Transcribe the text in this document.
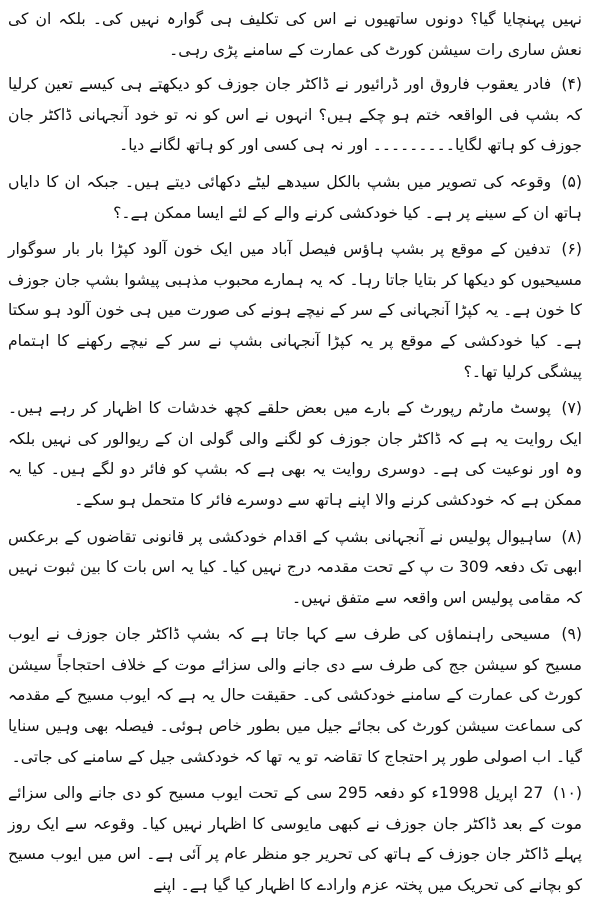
نہیں پہنچایا گیا؟ دونوں ساتھیوں نے اس کی تکلیف ہی گوارہ نہیں کی۔ بلکہ ان کی نعش ساری رات سیشن کورٹ کی عمارت کے سامنے پڑی رہی۔

(۴) فادر یعقوب فاروق اور ڈرائیور نے ڈاکٹر جان جوزف کو دیکھتے ہی کیسے تعین کرلیا کہ بشپ فی الواقعہ ختم ہو چکے ہیں؟ انہوں نے اس کو نہ تو خود آنجہانی ڈاکٹر جان جوزف کو ہاتھ لگایا۔۔۔۔۔۔۔۔۔ اور نہ ہی کسی اور کو ہاتھ لگانے دیا۔

(۵) وقوعہ کی تصویر میں بشپ بالکل سیدھے لیٹے دکھائی دیتے ہیں۔ جبکہ ان کا دایاں ہاتھ ان کے سینے پر ہے۔ کیا خودکشی کرنے والے کے لئے ایسا ممکن ہے۔؟

(۶) تدفین کے موقع پر بشپ ہاؤس فیصل آباد میں ایک خون آلود کپڑا بار بار سوگوار مسیحیوں کو دیکھا کر بتایا جاتا رہا۔ کہ یہ ہمارے محبوب مذہبی پیشوا بشپ جان جوزف کا خون ہے۔ یہ کپڑا آنجہانی کے سر کے نیچے ہونے کی صورت میں ہی خون آلود ہو سکتا ہے۔ کیا خودکشی کے موقع پر یہ کپڑا آنجہانی بشپ نے سر کے نیچے رکھنے کا اہتمام پیشگی کرلیا تھا۔؟

(۷) پوسٹ مارٹم رپورٹ کے بارے میں بعض حلقے کچھ خدشات کا اظہار کر رہے ہیں۔ ایک روایت یہ ہے کہ ڈاکٹر جان جوزف کو لگنے والی گولی ان کے ریوالور کی نہیں بلکہ وہ اور نوعیت کی ہے۔ دوسری روایت یہ بھی ہے کہ بشپ کو فائر دو لگے ہیں۔ کیا یہ ممکن ہے کہ خودکشی کرنے والا اپنے ہاتھ سے دوسرے فائر کا متحمل ہو سکے۔

(۸) ساہیوال پولیس نے آنجہانی بشپ کے اقدام خودکشی پر قانونی تقاضوں کے برعکس ابھی تک دفعہ 309 ت پ کے تحت مقدمہ درج نہیں کیا۔ کیا یہ اس بات کا بین ثبوت نہیں کہ مقامی پولیس اس واقعہ سے متفق نہیں۔

(۹) مسیحی راہنماؤں کی طرف سے کہا جاتا ہے کہ بشپ ڈاکٹر جان جوزف نے ایوب مسیح کو سیشن جج کی طرف سے دی جانے والی سزائے موت کے خلاف احتجاجاً سیشن کورٹ کی عمارت کے سامنے خودکشی کی۔ حقیقت حال یہ ہے کہ ایوب مسیح کے مقدمہ کی سماعت سیشن کورٹ کی بجائے جیل میں بطور خاص ہوئی۔ فیصلہ بھی وہیں سنایا گیا۔ اب اصولی طور پر احتجاج کا تقاضہ تو یہ تھا کہ خودکشی جیل کے سامنے کی جاتی۔

(۱۰) 27 اپریل 1998ء کو دفعہ 295 سی کے تحت ایوب مسیح کو دی جانے والی سزائے موت کے بعد ڈاکٹر جان جوزف نے کبھی مایوسی کا اظہار نہیں کیا۔ وقوعہ سے ایک روز پہلے ڈاکٹر جان جوزف کے ہاتھ کی تحریر جو منظر عام پر آئی ہے۔ اس میں ایوب مسیح کو بچانے کی تحریک میں پختہ عزم وارادے کا اظہار کیا گیا ہے۔ اپنے
